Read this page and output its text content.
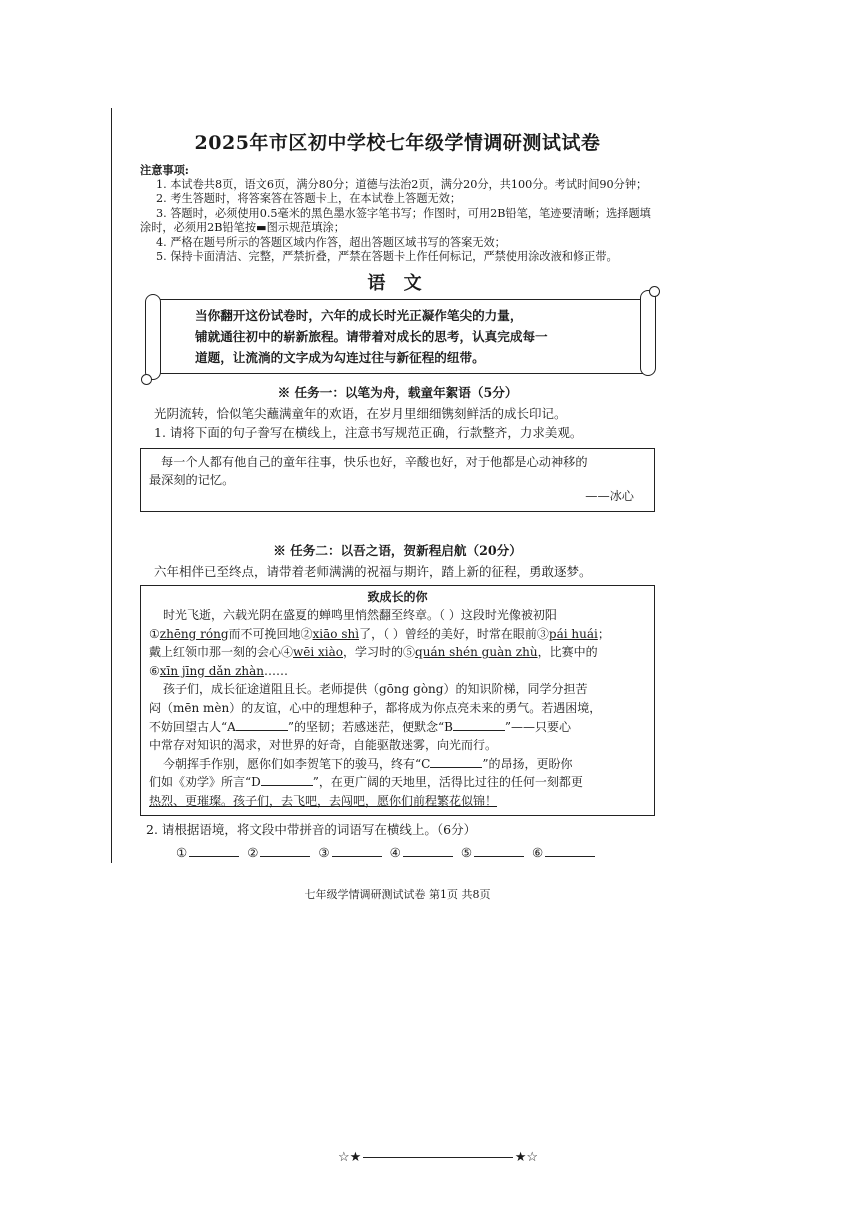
2025年市区初中学校七年级学情调研测试试卷

注意事项:

1. 本试卷共8页，语文6页，满分80分；道德与法治2页，满分20分，共100分。考试时间90分钟；

2. 考生答题时，将答案答在答题卡上，在本试卷上答题无效；

3. 答题时，必须使用0.5毫米的黑色墨水签字笔书写；作图时，可用2B铅笔，笔迹要清晰；选择题填涂时，必须用2B铅笔按▬图示规范填涂；

4. 严格在题号所示的答题区域内作答，超出答题区域书写的答案无效；

5. 保持卡面清洁、完整，严禁折叠，严禁在答题卡上作任何标记，严禁使用涂改液和修正带。

语 文

当你翻开这份试卷时，六年的成长时光正凝作笔尖的力量，

铺就通往初中的崭新旅程。请带着对成长的思考，认真完成每一

道题，让流淌的文字成为勾连过往与新征程的纽带。

※ 任务一：以笔为舟，载童年絮语（5分）

光阴流转，恰似笔尖蘸满童年的欢语，在岁月里细细镌刻鲜活的成长印记。

1. 请将下面的句子誊写在横线上，注意书写规范正确，行款整齐，力求美观。

每一个人都有他自己的童年往事，快乐也好，辛酸也好，对于他都是心动神移的
最深刻的记忆。
——冰心
※ 任务二：以吾之语，贺新程启航（20分）

六年相伴已至终点，请带着老师满满的祝福与期许，踏上新的征程，勇敢逐梦。

致成长的你

时光飞逝，六载光阴在盛夏的蝉鸣里悄然翻至终章。（ ）这段时光像被初阳

①zhēng róng而不可挽回地②xiāo shì了，（ ）曾经的美好，时常在眼前③pái huái；

戴上红领巾那一刻的会心④wēi xiào，学习时的⑤quán shén guàn zhù，比赛中的

⑥xīn jīng dǎn zhàn……

孩子们，成长征途道阻且长。老师提供（gōng gòng）的知识阶梯，同学分担苦

闷（mēn mèn）的友谊，心中的理想种子，都将成为你点亮未来的勇气。若遇困境，

不妨回望古人“A	”的坚韧；若感迷茫，便默念“B	”——只要心

中常存对知识的渴求，对世界的好奇，自能驱散迷雾，向光而行。

今朝挥手作别，愿你们如李贺笔下的骏马，终有“C	”的昂扬，更盼你

们如《劝学》所言“D	”，在更广阔的天地里，活得比过往的任何一刻都更

热烈、更璀璨。孩子们，去飞吧，去闯吧，愿你们前程繁花似锦！

2. 请根据语境，将文段中带拼音的词语写在横线上。（6分）

①	②	③	④	⑤	⑥
七年级学情调研测试试卷 第1页 共8页
☆★	★☆
